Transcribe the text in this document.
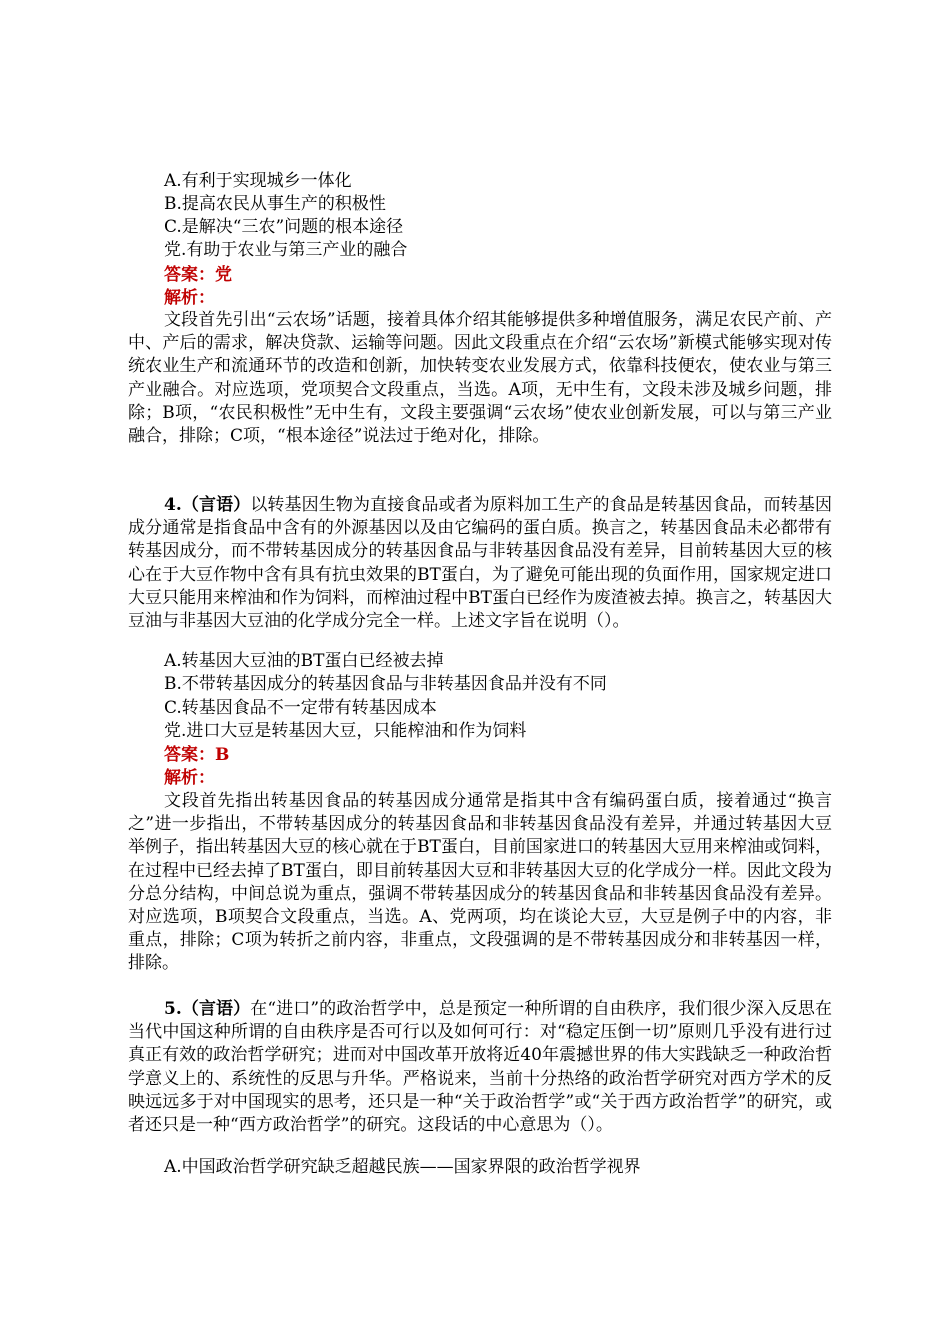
A.有利于实现城乡一体化

B.提高农民从事生产的积极性

C.是解决“三农”问题的根本途径

党.有助于农业与第三产业的融合

答案：党

解析：

文段首先引出“云农场”话题，接着具体介绍其能够提供多种增值服务，满足农民产前、产中、产后的需求，解决贷款、运输等问题。因此文段重点在介绍“云农场”新模式能够实现对传统农业生产和流通环节的改造和创新，加快转变农业发展方式，依靠科技便农，使农业与第三产业融合。对应选项，党项契合文段重点，当选。A项，无中生有，文段未涉及城乡问题，排除；B项，“农民积极性”无中生有，文段主要强调“云农场”使农业创新发展，可以与第三产业融合，排除；C项，“根本途径”说法过于绝对化，排除。

4.（言语）以转基因生物为直接食品或者为原料加工生产的食品是转基因食品，而转基因成分通常是指食品中含有的外源基因以及由它编码的蛋白质。换言之，转基因食品未必都带有转基因成分，而不带转基因成分的转基因食品与非转基因食品没有差异，目前转基因大豆的核心在于大豆作物中含有具有抗虫效果的BT蛋白，为了避免可能出现的负面作用，国家规定进口大豆只能用来榨油和作为饲料，而榨油过程中BT蛋白已经作为废渣被去掉。换言之，转基因大豆油与非基因大豆油的化学成分完全一样。上述文字旨在说明（）。

A.转基因大豆油的BT蛋白已经被去掉

B.不带转基因成分的转基因食品与非转基因食品并没有不同

C.转基因食品不一定带有转基因成本

党.进口大豆是转基因大豆，只能榨油和作为饲料

答案：B

解析：

文段首先指出转基因食品的转基因成分通常是指其中含有编码蛋白质，接着通过“换言之”进一步指出，不带转基因成分的转基因食品和非转基因食品没有差异，并通过转基因大豆举例子，指出转基因大豆的核心就在于BT蛋白，目前国家进口的转基因大豆用来榨油或饲料，在过程中已经去掉了BT蛋白，即目前转基因大豆和非转基因大豆的化学成分一样。因此文段为分总分结构，中间总说为重点，强调不带转基因成分的转基因食品和非转基因食品没有差异。对应选项，B项契合文段重点，当选。A、党两项，均在谈论大豆，大豆是例子中的内容，非重点，排除；C项为转折之前内容，非重点，文段强调的是不带转基因成分和非转基因一样，排除。

5.（言语）在“进口”的政治哲学中，总是预定一种所谓的自由秩序，我们很少深入反思在当代中国这种所谓的自由秩序是否可行以及如何可行：对“稳定压倒一切”原则几乎没有进行过真正有效的政治哲学研究；进而对中国改革开放将近40年震撼世界的伟大实践缺乏一种政治哲学意义上的、系统性的反思与升华。严格说来，当前十分热络的政治哲学研究对西方学术的反映远远多于对中国现实的思考，还只是一种“关于政治哲学”或“关于西方政治哲学”的研究，或者还只是一种“西方政治哲学”的研究。这段话的中心意思为（）。

A.中国政治哲学研究缺乏超越民族——国家界限的政治哲学视界
